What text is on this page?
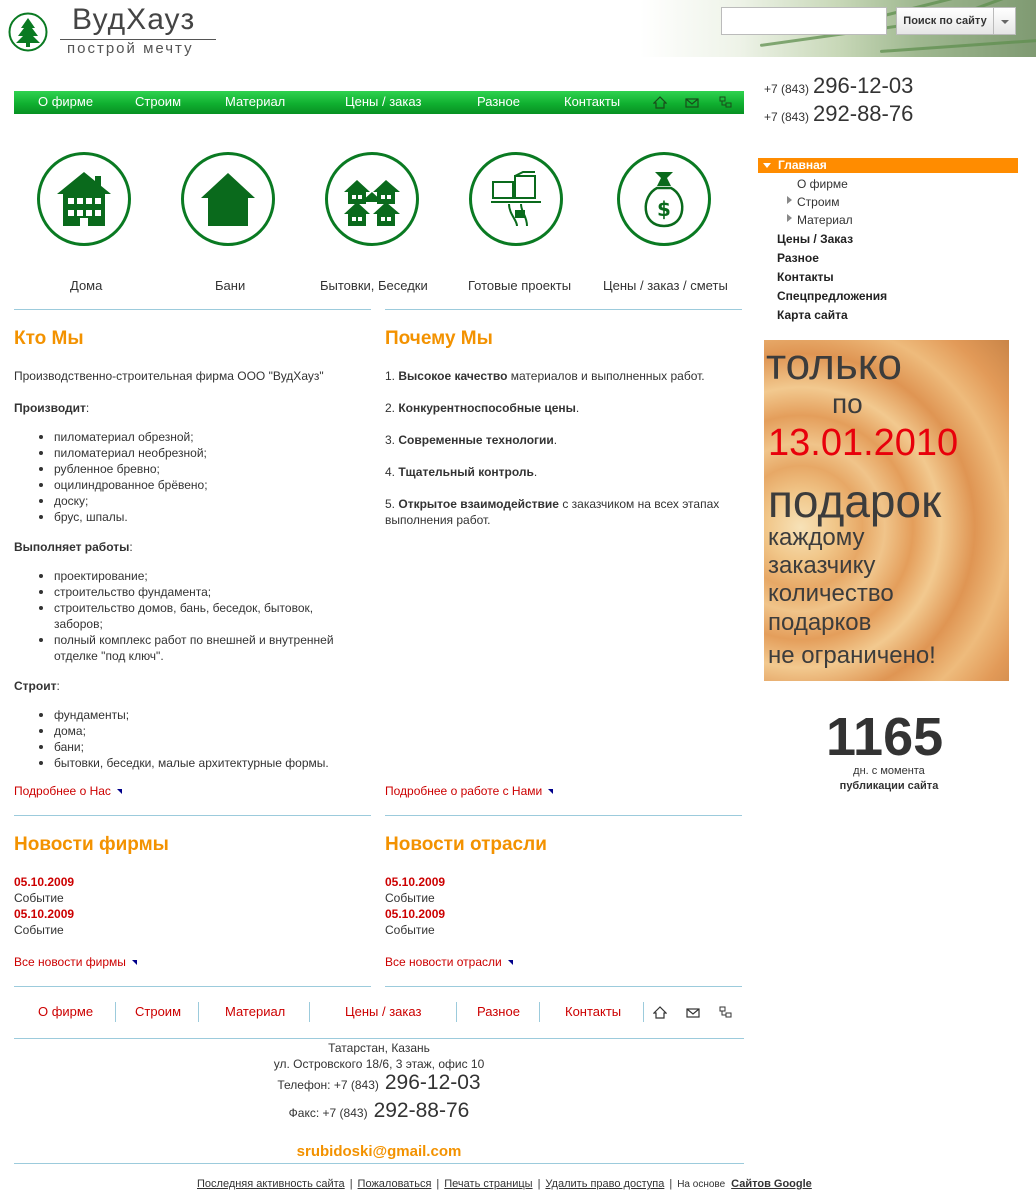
ВудХауз
построй мечту
Поиск по сайту
О фирме	Строим	Материал	Цены / заказ	Разное	Контакты
+7 (843) 296-12-03
+7 (843) 292-88-76
Главная
О фирме
Строим
Материал
Цены / Заказ
Разное
Контакты
Спецпредложения
Карта сайта
только
по
13.01.2010
подарок
каждому
заказчику
количество
подарков
не ограничено!
1165
дн. с момента
публикации сайта
$
Дома	Бани	Бытовки, Беседки	Готовые проекты Цены / заказ / сметы
Кто Мы
Производственно-строительная фирма ООО "ВудХауз"
Производит:
пиломатериал обрезной;
пиломатериал необрезной;
рубленное бревно;
оцилиндрованное брёвено;
доску;
брус, шпалы.
Выполняет работы:
проектирование;
строительство фундамента;
строительство домов, бань, беседок, бытовок, заборов;
полный комплекс работ по внешней и внутренней отделке "под ключ".
Строит:
фундаменты;
дома;
бани;
бытовки, беседки, малые архитектурные формы.
Подробнее о Нас
Почему Мы
1. Высокое качество материалов и выполненных работ.
2. Конкурентноспособные цены.
3. Современные технологии.
4. Тщательный контроль.
5. Открытое взаимодействие с заказчиком на всех этапах выполнения работ.
Подробнее о работе с Нами
Новости фирмы
05.10.2009
Событие
05.10.2009
Событие
Все новости фирмы
Новости отрасли
05.10.2009
Событие
05.10.2009
Событие
Все новости отрасли
О фирме	Строим	Материал	Цены / заказ	Разное	Контакты
Татарстан, Казань
ул. Островского 18/6, 3 этаж, офис 10
Телефон: +7 (843) 296-12-03
Факс: +7 (843) 292-88-76
srubidoski@gmail.com
Последняя активность сайта | Пожаловаться | Печать страницы | Удалить право доступа | На основе Сайтов Google
